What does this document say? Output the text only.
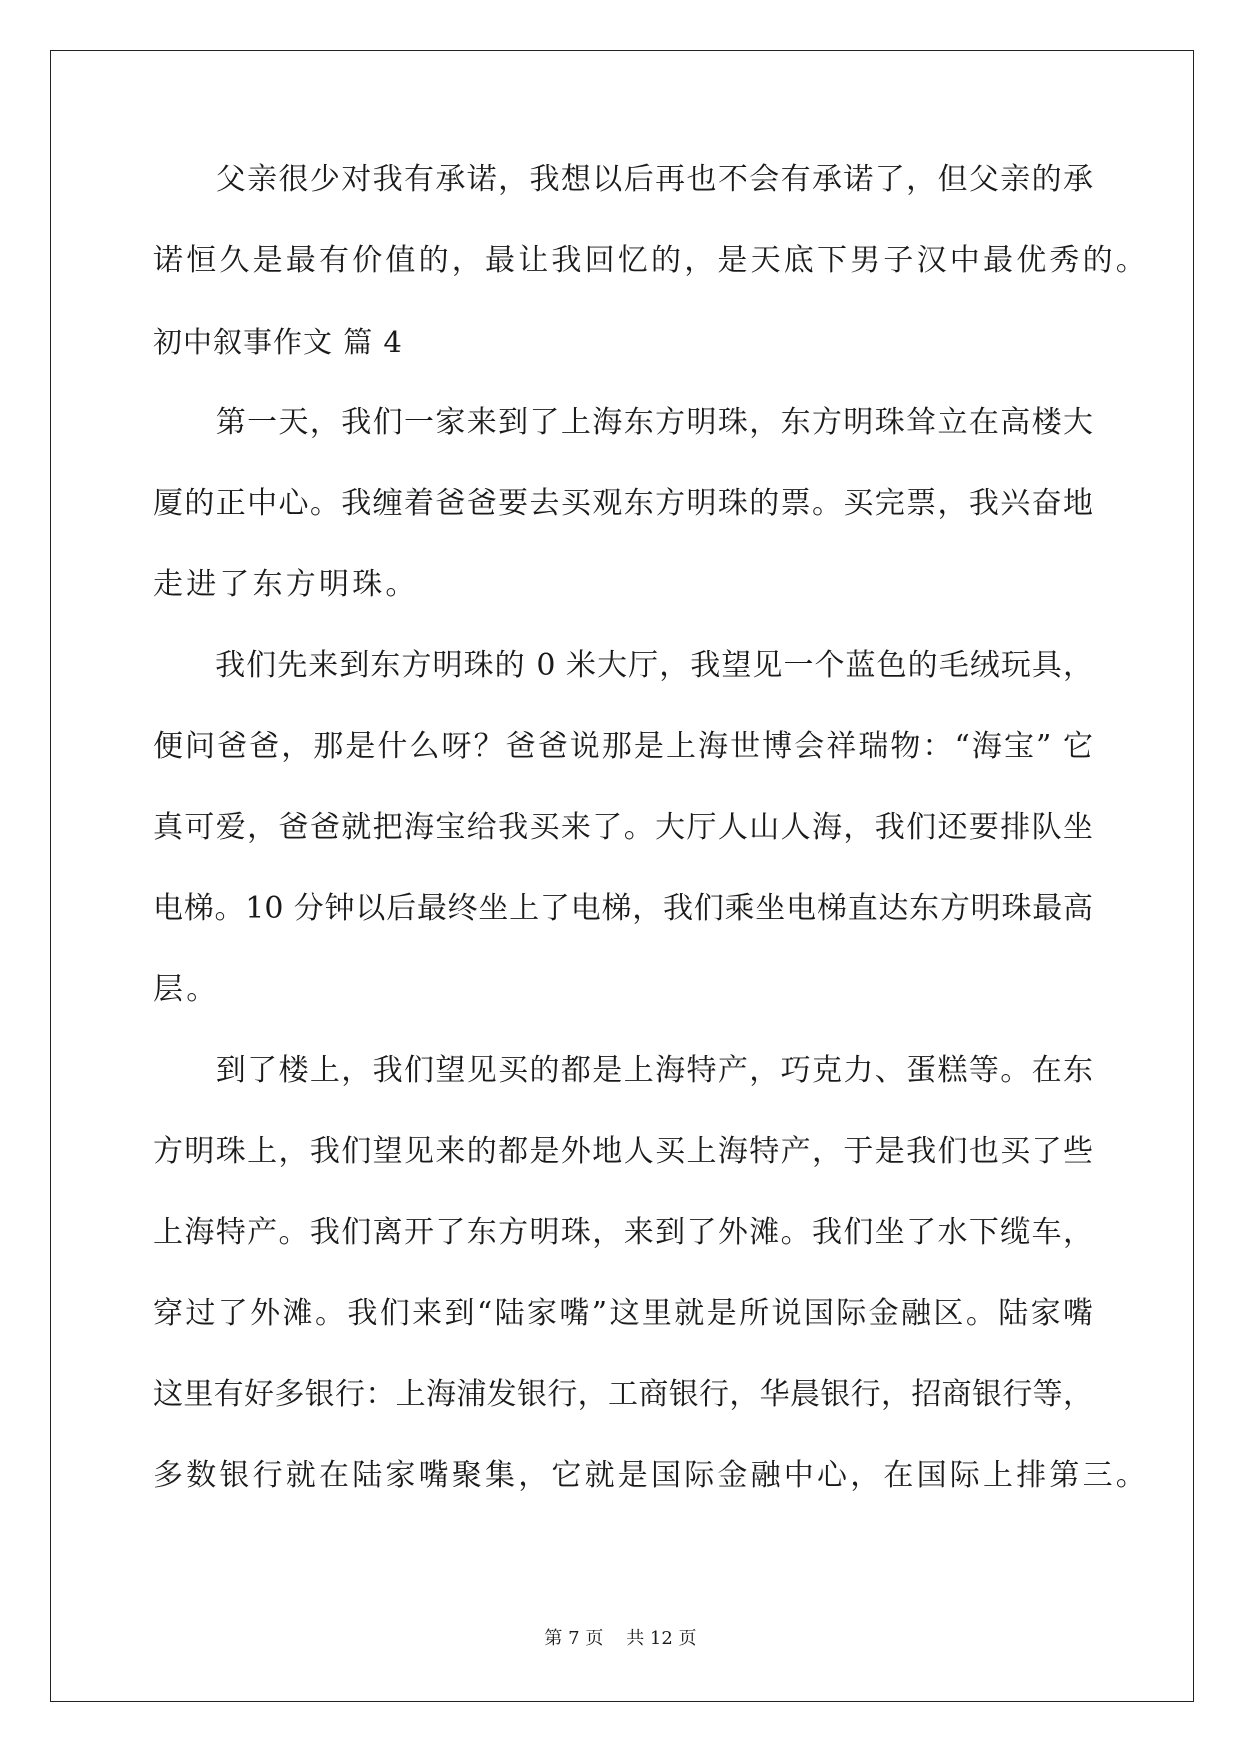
　　父亲很少对我有承诺，我想以后再也不会有承诺了，但父亲的承
诺恒久是最有价值的，最让我回忆的，是天底下男子汉中最优秀的。
初中叙事作文 篇 4
　　第一天，我们一家来到了上海东方明珠，东方明珠耸立在高楼大
厦的正中心。我缠着爸爸要去买观东方明珠的票。买完票，我兴奋地
走进了东方明珠。
　　我们先来到东方明珠的 0 米大厅，我望见一个蓝色的毛绒玩具，
便问爸爸，那是什么呀？爸爸说那是上海世博会祥瑞物：“海宝” 它
真可爱，爸爸就把海宝给我买来了。大厅人山人海，我们还要排队坐
电梯。10 分钟以后最终坐上了电梯，我们乘坐电梯直达东方明珠最高
层。
　　到了楼上，我们望见买的都是上海特产，巧克力、蛋糕等。在东
方明珠上，我们望见来的都是外地人买上海特产，于是我们也买了些
上海特产。我们离开了东方明珠，来到了外滩。我们坐了水下缆车，
穿过了外滩。我们来到“陆家嘴”这里就是所说国际金融区。陆家嘴
这里有好多银行：上海浦发银行，工商银行，华晨银行，招商银行等，
多数银行就在陆家嘴聚集，它就是国际金融中心，在国际上排第三。
第 7 页    共 12 页
